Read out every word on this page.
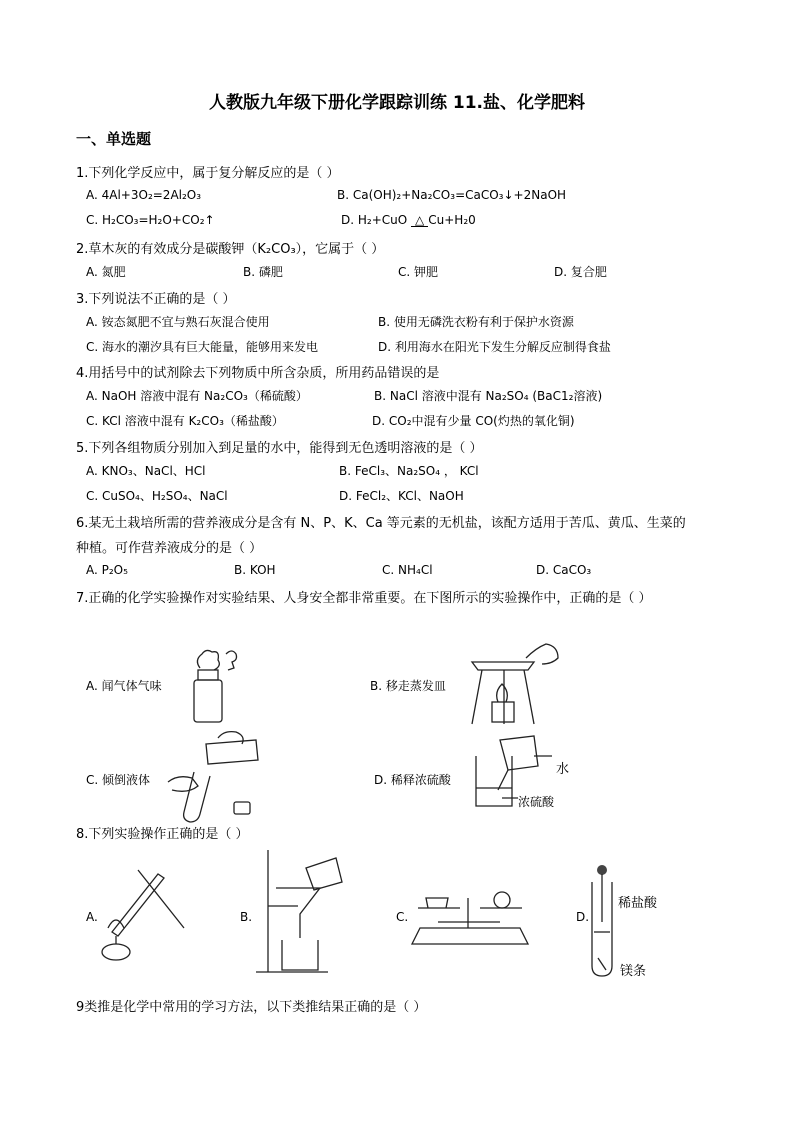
人教版九年级下册化学跟踪训练 11.盐、化学肥料
一、单选题
1.下列化学反应中，属于复分解反应的是（ ）
A. 4Al+3O₂=2Al₂O₃	B. Ca(OH)₂+Na₂CO₃=CaCO₃↓+2NaOH
C. H₂CO₃=H₂O+CO₂↑	D. H₂+CuO △ Cu+H₂0
2.草木灰的有效成分是碳酸钾（K₂CO₃），它属于（ ）
A. 氮肥	B. 磷肥	C. 钾肥	D. 复合肥
3.下列说法不正确的是（ ）
A. 铵态氮肥不宜与熟石灰混合使用	B. 使用无磷洗衣粉有利于保护水资源
C. 海水的潮汐具有巨大能量，能够用来发电	D. 利用海水在阳光下发生分解反应制得食盐
4.用括号中的试剂除去下列物质中所含杂质，所用药品错误的是
A. NaOH 溶液中混有 Na₂CO₃（稀硫酸）	B. NaCl 溶液中混有 Na₂SO₄ (BaC1₂溶液)
C. KCl 溶液中混有 K₂CO₃（稀盐酸）	D. CO₂中混有少量 CO(灼热的氧化铜)
5.下列各组物质分别加入到足量的水中，能得到无色透明溶液的是（ ）
A. KNO₃、NaCl、HCl	B. FeCl₃、Na₂SO₄ ， KCl
C. CuSO₄、H₂SO₄、NaCl	D. FeCl₂、KCl、NaOH
6.某无土栽培所需的营养液成分是含有 N、P、K、Ca 等元素的无机盐，该配方适用于苦瓜、黄瓜、生菜的
种植。可作营养液成分的是（ ）
A. P₂O₅	B. KOH	C. NH₄Cl	D. CaCO₃
7.正确的化学实验操作对实验结果、人身安全都非常重要。在下图所示的实验操作中，正确的是（ ）
A. 闻气体气味	B. 移走蒸发皿
C. 倾倒液体	D. 稀释浓硫酸
水
浓硫酸
8.下列实验操作正确的是（ ）
A.	B.	C.	D.
稀盐酸
镁条
9类推是化学中常用的学习方法，以下类推结果正确的是（ ）
